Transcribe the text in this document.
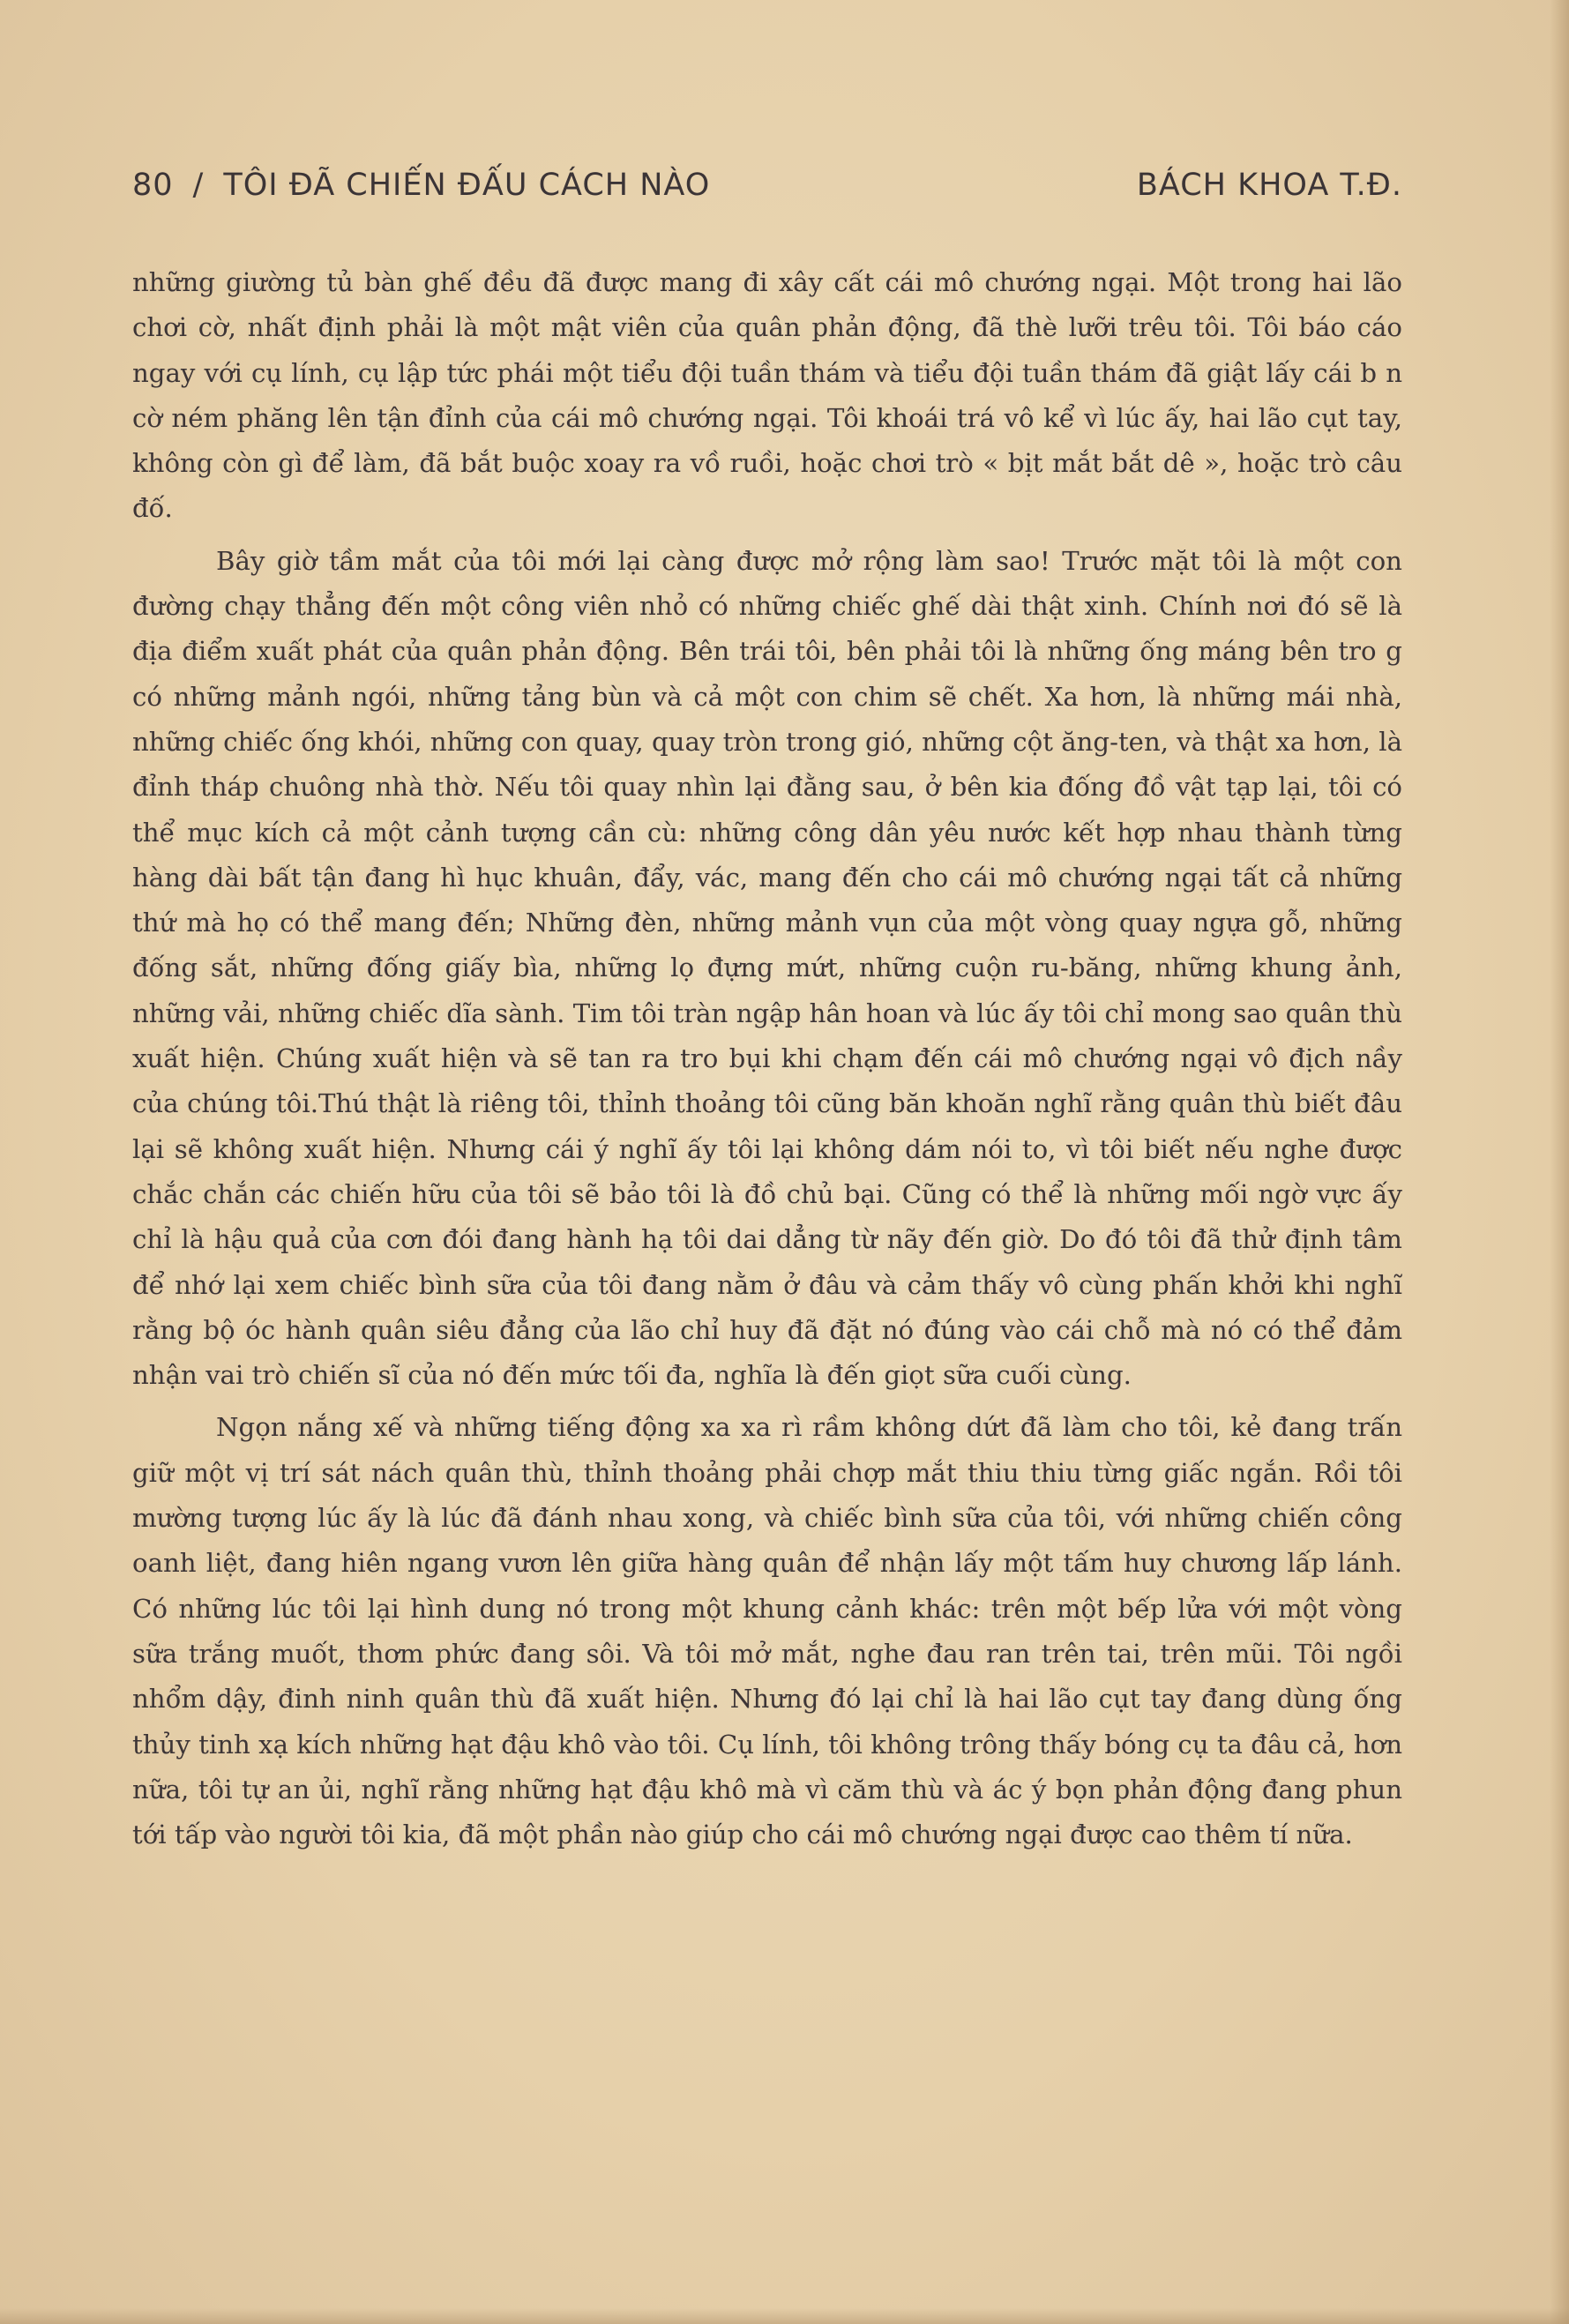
80 / TÔI ĐÃ CHIẾN ĐẤU CÁCH NÀO	BÁCH KHOA T.Đ.

những giường tủ bàn ghế đều đã được mang đi xây cất cái mô chướng ngại. Một trong hai lão chơi cờ, nhất định phải là một mật viên của quân phản động, đã thè lưỡi trêu tôi. Tôi báo cáo ngay với cụ lính, cụ lập tức phái một tiểu đội tuần thám và tiểu đội tuần thám đã giật lấy cái b n cờ ném phăng lên tận đỉnh của cái mô chướng ngại. Tôi khoái trá vô kể vì lúc ấy, hai lão cụt tay, không còn gì để làm, đã bắt buộc xoay ra vồ ruồi, hoặc chơi trò « bịt mắt bắt dê », hoặc trò câu đố.

Bây giờ tầm mắt của tôi mới lại càng được mở rộng làm sao! Trước mặt tôi là một con đường chạy thẳng đến một công viên nhỏ có những chiếc ghế dài thật xinh. Chính nơi đó sẽ là địa điểm xuất phát của quân phản động. Bên trái tôi, bên phải tôi là những ống máng bên tro g có những mảnh ngói, những tảng bùn và cả một con chim sẽ chết. Xa hơn, là những mái nhà, những chiếc ống khói, những con quay, quay tròn trong gió, những cột ăng-ten, và thật xa hơn, là đỉnh tháp chuông nhà thờ. Nếu tôi quay nhìn lại đằng sau, ở bên kia đống đồ vật tạp lại, tôi có thể mục kích cả một cảnh tượng cần cù: những công dân yêu nước kết hợp nhau thành từng hàng dài bất tận đang hì hục khuân, đẩy, vác, mang đến cho cái mô chướng ngại tất cả những thứ mà họ có thể mang đến; Những đèn, những mảnh vụn của một vòng quay ngựa gỗ, những đống sắt, những đống giấy bìa, những lọ đựng mứt, những cuộn ru-băng, những khung ảnh, những vải, những chiếc dĩa sành. Tim tôi tràn ngập hân hoan và lúc ấy tôi chỉ mong sao quân thù xuất hiện. Chúng xuất hiện và sẽ tan ra tro bụi khi chạm đến cái mô chướng ngại vô địch nầy của chúng tôi.Thú thật là riêng tôi, thỉnh thoảng tôi cũng băn khoăn nghĩ rằng quân thù biết đâu lại sẽ không xuất hiện. Nhưng cái ý nghĩ ấy tôi lại không dám nói to, vì tôi biết nếu nghe được chắc chắn các chiến hữu của tôi sẽ bảo tôi là đồ chủ bại. Cũng có thể là những mối ngờ vực ấy chỉ là hậu quả của cơn đói đang hành hạ tôi dai dẳng từ nãy đến giờ. Do đó tôi đã thử định tâm để nhớ lại xem chiếc bình sữa của tôi đang nằm ở đâu và cảm thấy vô cùng phấn khởi khi nghĩ rằng bộ óc hành quân siêu đẳng của lão chỉ huy đã đặt nó đúng vào cái chỗ mà nó có thể đảm nhận vai trò chiến sĩ của nó đến mức tối đa, nghĩa là đến giọt sữa cuối cùng.

Ngọn nắng xế và những tiếng động xa xa rì rầm không dứt đã làm cho tôi, kẻ đang trấn giữ một vị trí sát nách quân thù, thỉnh thoảng phải chợp mắt thiu thiu từng giấc ngắn. Rồi tôi mường tượng lúc ấy là lúc đã đánh nhau xong, và chiếc bình sữa của tôi, với những chiến công oanh liệt, đang hiên ngang vươn lên giữa hàng quân để nhận lấy một tấm huy chương lấp lánh. Có những lúc tôi lại hình dung nó trong một khung cảnh khác: trên một bếp lửa với một vòng sữa trắng muốt, thơm phức đang sôi. Và tôi mở mắt, nghe đau ran trên tai, trên mũi. Tôi ngồi nhổm dậy, đinh ninh quân thù đã xuất hiện. Nhưng đó lại chỉ là hai lão cụt tay đang dùng ống thủy tinh xạ kích những hạt đậu khô vào tôi. Cụ lính, tôi không trông thấy bóng cụ ta đâu cả, hơn nữa, tôi tự an ủi, nghĩ rằng những hạt đậu khô mà vì căm thù và ác ý bọn phản động đang phun tới tấp vào người tôi kia, đã một phần nào giúp cho cái mô chướng ngại được cao thêm tí nữa.
